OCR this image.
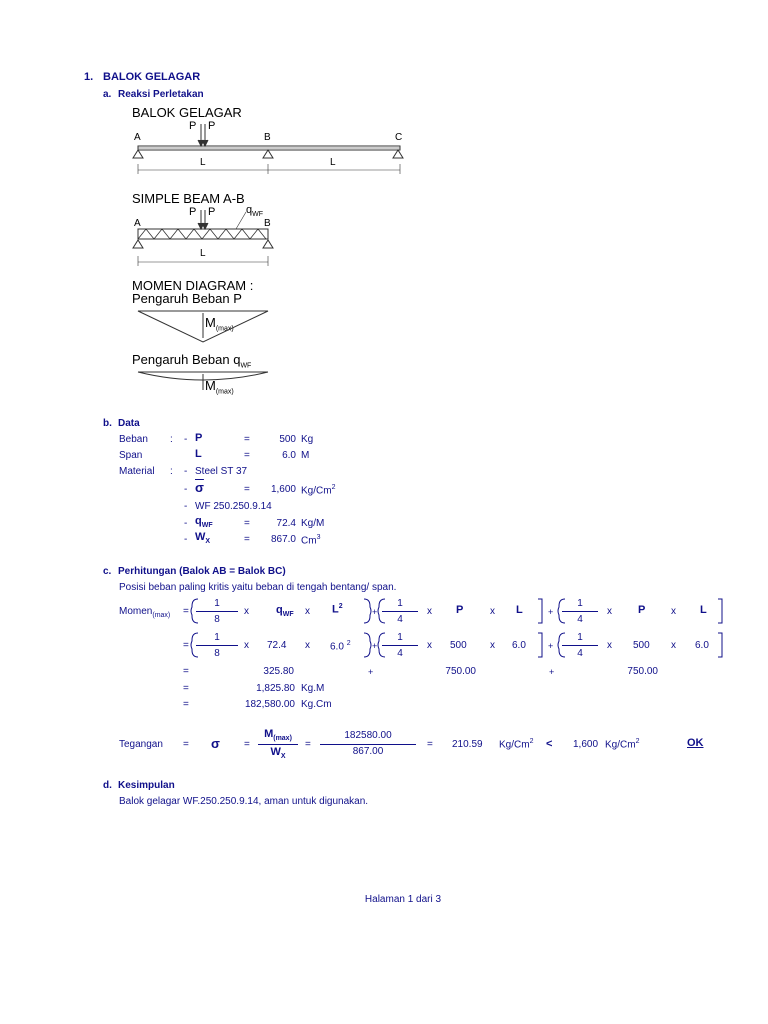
1. BALOK GELAGAR
a. Reaksi Perletakan
BALOK GELAGAR
P P
A	B	C
L	L
SIMPLE BEAM A-B
P P	$q_{WF}$
A	B
L
MOMEN DIAGRAM :
Pengaruh Beban P
$M_{(max)}$
Pengaruh Beban $q_{WF}$
$M_{(max)}$
b. Data
Beban : - P	=	500 Kg
Span	L	=	6.0 M
Material : - Steel ST 37
- $\overline{\sigma}$	=	1,600 Kg/Cm$^2$
- WF 250.250.9.14
- $q_{WF}$	=	72.4 Kg/M
- $W_X$	=	867.0 Cm$^3$
c. Perhitungan (Balok AB = Balok BC)
Posisi beban paling kritis yaitu beban di tengah bentang/ span.
Momen$_{(max)}$ =
1
8
x $q_{WF}$ x $L^2$
+
1
4
x P	x L	+
1
4
x P	x L
=
1
8
x 72.4 x 6.0 $^2$ +
1
4
x 500 x 6.0 +
1
4
x 500 x 6.0
=	325.80	+	750.00	+	750.00
=	1,825.80 Kg.M
=	182,580.00 Kg.Cm
Tegangan = σ =
$M_{(max)}$
$W_X$
=
182580.00
867.00
= 210.59 $Kg/Cm^2 < 1,600$ Kg/Cm$^2$	OK
d. Kesimpulan
Balok gelagar WF.250.250.9.14, aman untuk digunakan.
Halaman 1 dari 3
